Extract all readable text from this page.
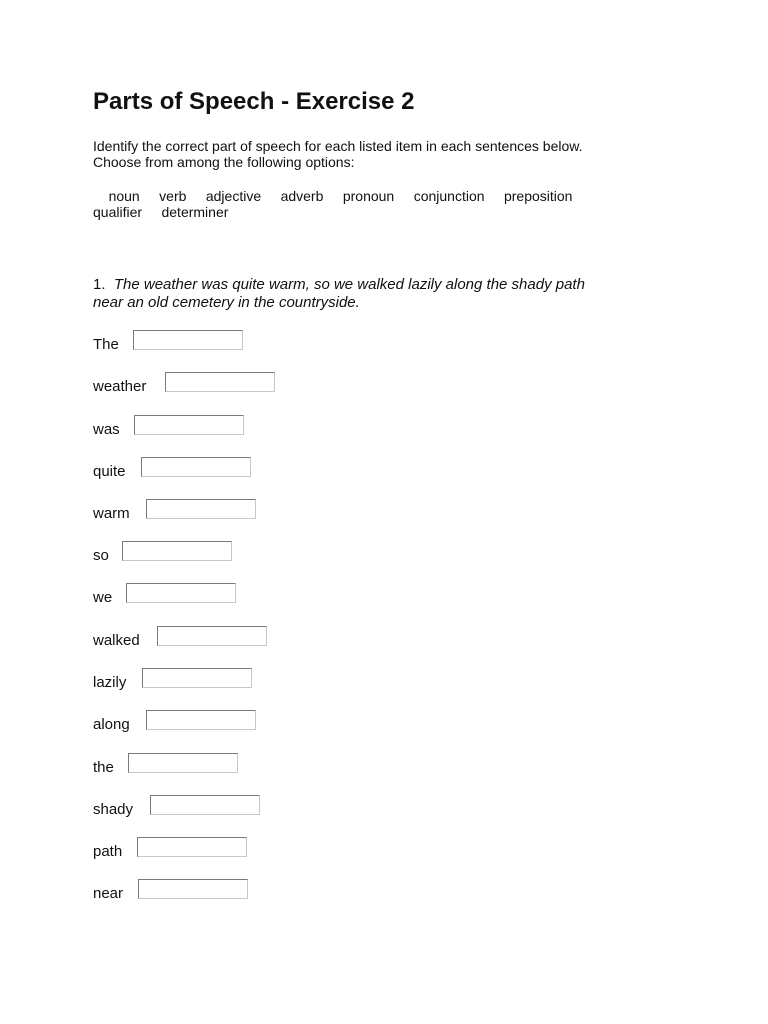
Parts of Speech - Exercise 2
Identify the correct part of speech for each listed item in each sentences below.
Choose from among the following options:
noun verb adjective adverb pronoun conjunction preposition             qualifier determiner
1. The weather was quite warm, so we walked lazily along the shady path
near an old cemetery in the countryside.
The
weather
was
quite
warm
so
we
walked
lazily
along
the
shady
path
near
